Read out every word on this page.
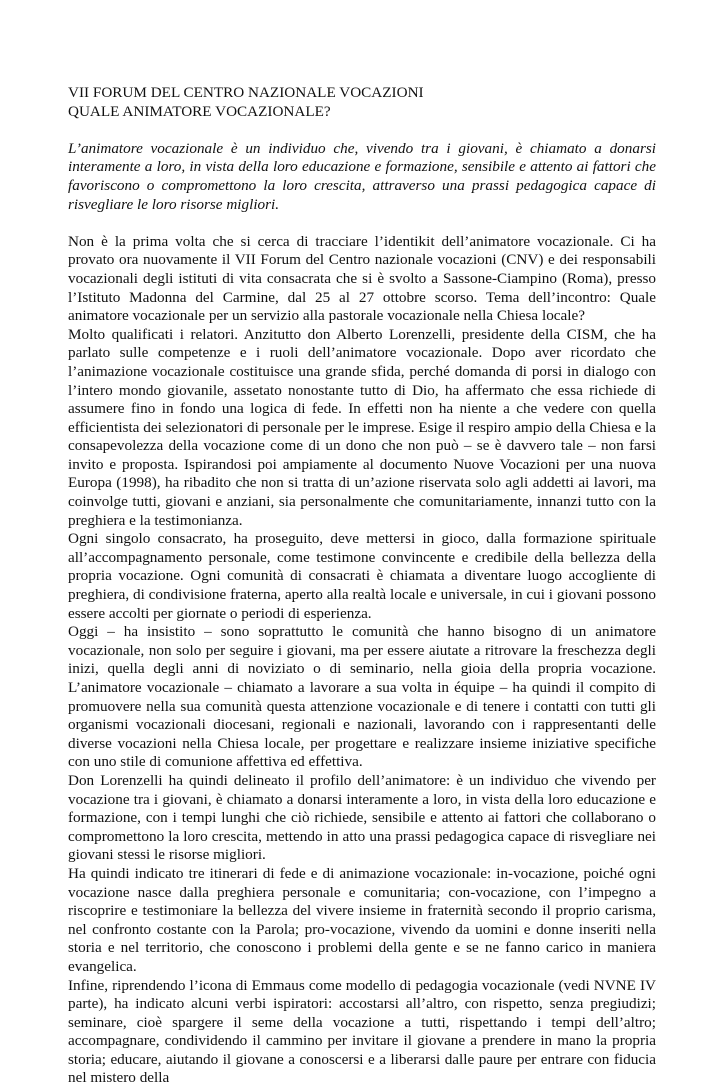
VII FORUM DEL CENTRO NAZIONALE VOCAZIONI
QUALE ANIMATORE VOCAZIONALE?

L’animatore vocazionale è un individuo che, vivendo tra i giovani, è chiamato a donarsi interamente a loro, in vista della loro educazione e formazione, sensibile e attento ai fattori che favoriscono o compromettono la loro crescita, attraverso una prassi pedagogica capace di risvegliare le loro risorse migliori.

Non è la prima volta che si cerca di tracciare l’identikit dell’animatore vocazionale. Ci ha provato ora nuovamente il VII Forum del Centro nazionale vocazioni (CNV) e dei responsabili vocazionali degli istituti di vita consacrata che si è svolto a Sassone-Ciampino (Roma), presso l’Istituto Madonna del Carmine, dal 25 al 27 ottobre scorso. Tema dell’incontro: Quale animatore vocazionale per un servizio alla pastorale vocazionale nella Chiesa locale?

Molto qualificati i relatori. Anzitutto don Alberto Lorenzelli, presidente della CISM, che ha parlato sulle competenze e i ruoli dell’animatore vocazionale. Dopo aver ricordato che l’animazione vocazionale costituisce una grande sfida, perché domanda di porsi in dialogo con l’intero mondo giovanile, assetato nonostante tutto di Dio, ha affermato che essa richiede di assumere fino in fondo una logica di fede. In effetti non ha niente a che vedere con quella efficientista dei selezionatori di personale per le imprese. Esige il respiro ampio della Chiesa e la consapevolezza della vocazione come di un dono che non può – se è davvero tale – non farsi invito e proposta. Ispirandosi poi ampiamente al documento Nuove Vocazioni per una nuova Europa (1998), ha ribadito che non si tratta di un’azione riservata solo agli addetti ai lavori, ma coinvolge tutti, giovani e anziani, sia personalmente che comunitariamente, innanzi tutto con la preghiera e la testimonianza.

Ogni singolo consacrato, ha proseguito, deve mettersi in gioco, dalla formazione spirituale all’accompagnamento personale, come testimone convincente e credibile della bellezza della propria vocazione. Ogni comunità di consacrati è chiamata a diventare luogo accogliente di preghiera, di condivisione fraterna, aperto alla realtà locale e universale, in cui i giovani possono essere accolti per giornate o periodi di esperienza.

Oggi – ha insistito – sono soprattutto le comunità che hanno bisogno di un animatore vocazionale, non solo per seguire i giovani, ma per essere aiutate a ritrovare la freschezza degli inizi, quella degli anni di noviziato o di seminario, nella gioia della propria vocazione. L’animatore vocazionale – chiamato a lavorare a sua volta in équipe – ha quindi il compito di promuovere nella sua comunità questa attenzione vocazionale e di tenere i contatti con tutti gli organismi vocazionali diocesani, regionali e nazionali, lavorando con i rappresentanti delle diverse vocazioni nella Chiesa locale, per progettare e realizzare insieme iniziative specifiche con uno stile di comunione affettiva ed effettiva.

Don Lorenzelli ha quindi delineato il profilo dell’animatore: è un individuo che vivendo per vocazione tra i giovani, è chiamato a donarsi interamente a loro, in vista della loro educazione e formazione, con i tempi lunghi che ciò richiede, sensibile e attento ai fattori che collaborano o compromettono la loro crescita, mettendo in atto una prassi pedagogica capace di risvegliare nei giovani stessi le risorse migliori.

Ha quindi indicato tre itinerari di fede e di animazione vocazionale: in-vocazione, poiché ogni vocazione nasce dalla preghiera personale e comunitaria; con-vocazione, con l’impegno a riscoprire e testimoniare la bellezza del vivere insieme in fraternità secondo il proprio carisma, nel confronto costante con la Parola; pro-vocazione, vivendo da uomini e donne inseriti nella storia e nel territorio, che conoscono i problemi della gente e se ne fanno carico in maniera evangelica.

Infine, riprendendo l’icona di Emmaus come modello di pedagogia vocazionale (vedi NVNE IV parte), ha indicato alcuni verbi ispiratori: accostarsi all’altro, con rispetto, senza pregiudizi; seminare, cioè spargere il seme della vocazione a tutti, rispettando i tempi dell’altro; accompagnare, condividendo il cammino per invitare il giovane a prendere in mano la propria storia; educare, aiutando il giovane a conoscersi e a liberarsi dalle paure per entrare con fiducia nel mistero della
